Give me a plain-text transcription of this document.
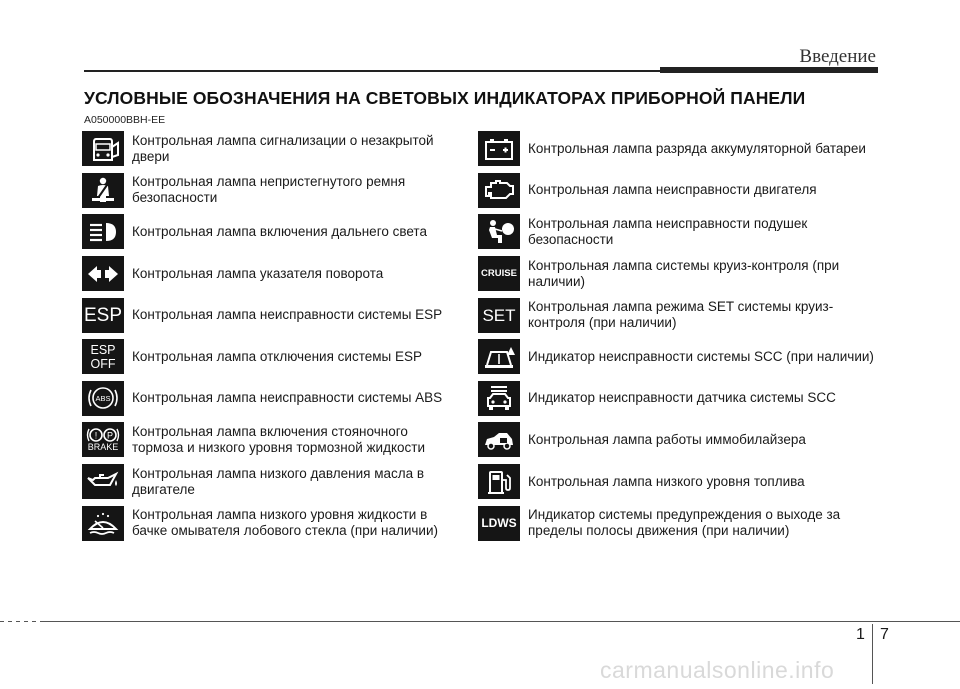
Введение
УСЛОВНЫЕ ОБОЗНАЧЕНИЯ НА СВЕТОВЫХ ИНДИКАТОРАХ ПРИБОРНОЙ ПАНЕЛИ
A050000BBH-EE
Контрольная лампа сигнализации о незакрытой двери
Контрольная лампа непристегнутого ремня безопасности
Контрольная лампа включения дальнего света
Контрольная лампа указателя поворота
ESP Контрольная лампа неисправности системы ESP
ESP OFF Контрольная лампа отключения системы ESP
ABS Контрольная лампа неисправности системы ABS
! P
BRAKE
Контрольная лампа включения стояночного тормоза и низкого уровня тормозной жидкости
Контрольная лампа низкого давления масла в двигателе
Контрольная лампа низкого уровня жидкости в бачке омывателя лобового стекла (при наличии)
Контрольная лампа разряда аккумуляторной батареи
Контрольная лампа неисправности двигателя
Контрольная лампа неисправности подушек безопасности
CRUISE
Контрольная лампа системы круиз-контроля (при наличии)
SET Контрольная лампа режима SET системы круиз-контроля (при наличии)
Индикатор неисправности системы SCC (при наличии)
Индикатор неисправности датчика системы SCC
Контрольная лампа работы иммобилайзера
Контрольная лампа низкого уровня топлива
LDWS
Индикатор системы предупреждения о выходе за пределы полосы движения (при наличии)
1 7
carmanualsonline.info
